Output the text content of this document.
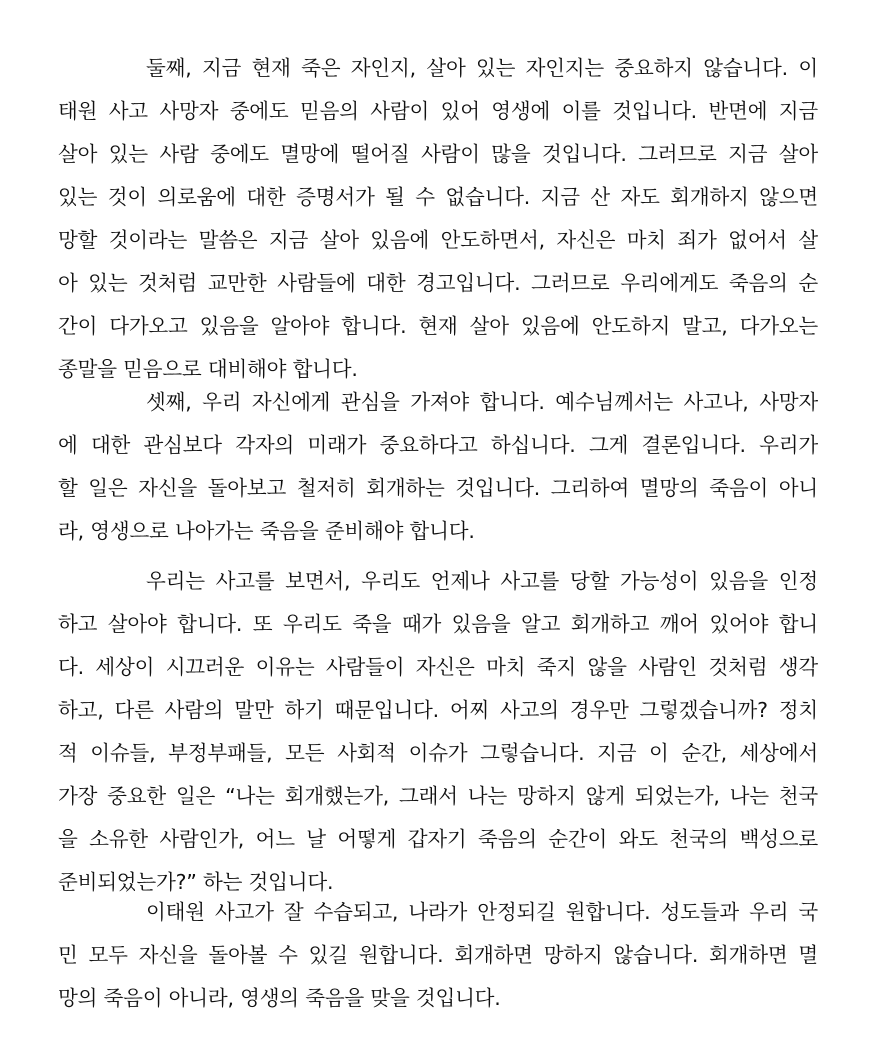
둘째, 지금 현재 죽은 자인지, 살아 있는 자인지는 중요하지 않습니다. 이
태원 사고 사망자 중에도 믿음의 사람이 있어 영생에 이를 것입니다. 반면에 지금
살아 있는 사람 중에도 멸망에 떨어질 사람이 많을 것입니다. 그러므로 지금 살아
있는 것이 의로움에 대한 증명서가 될 수 없습니다. 지금 산 자도 회개하지 않으면
망할 것이라는 말씀은 지금 살아 있음에 안도하면서, 자신은 마치 죄가 없어서 살
아 있는 것처럼 교만한 사람들에 대한 경고입니다. 그러므로 우리에게도 죽음의 순
간이 다가오고 있음을 알아야 합니다. 현재 살아 있음에 안도하지 말고, 다가오는
종말을 믿음으로 대비해야 합니다.
셋째, 우리 자신에게 관심을 가져야 합니다. 예수님께서는 사고나, 사망자
에 대한 관심보다 각자의 미래가 중요하다고 하십니다. 그게 결론입니다. 우리가
할 일은 자신을 돌아보고 철저히 회개하는 것입니다. 그리하여 멸망의 죽음이 아니
라, 영생으로 나아가는 죽음을 준비해야 합니다.
우리는 사고를 보면서, 우리도 언제나 사고를 당할 가능성이 있음을 인정
하고 살아야 합니다. 또 우리도 죽을 때가 있음을 알고 회개하고 깨어 있어야 합니
다. 세상이 시끄러운 이유는 사람들이 자신은 마치 죽지 않을 사람인 것처럼 생각
하고, 다른 사람의 말만 하기 때문입니다. 어찌 사고의 경우만 그렇겠습니까? 정치
적 이슈들, 부정부패들, 모든 사회적 이슈가 그렇습니다. 지금 이 순간, 세상에서
가장 중요한 일은 “나는 회개했는가, 그래서 나는 망하지 않게 되었는가, 나는 천국
을 소유한 사람인가, 어느 날 어떻게 갑자기 죽음의 순간이 와도 천국의 백성으로
준비되었는가?” 하는 것입니다.
이태원 사고가 잘 수습되고, 나라가 안정되길 원합니다. 성도들과 우리 국
민 모두 자신을 돌아볼 수 있길 원합니다. 회개하면 망하지 않습니다. 회개하면 멸
망의 죽음이 아니라, 영생의 죽음을 맞을 것입니다.
